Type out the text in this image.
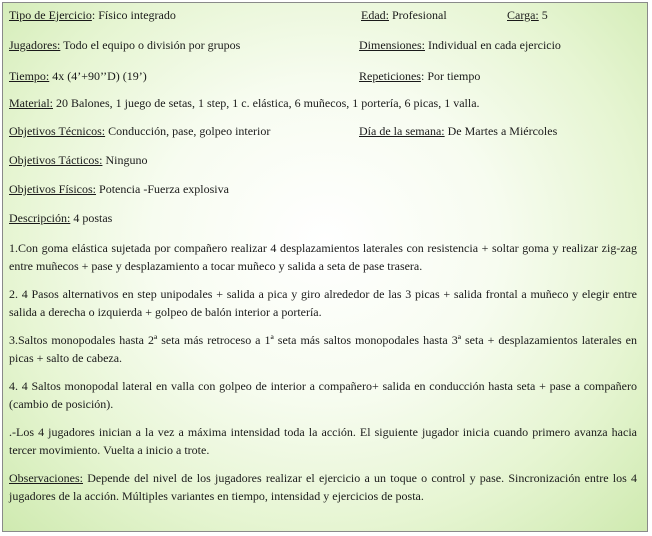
Tipo de Ejercicio: Físico integrado	Edad: Profesional	Carga: 5
Jugadores: Todo el equipo o división por grupos	Dimensiones: Individual en cada ejercicio
Tiempo: 4x (4’+90’’D) (19’)	Repeticiones: Por tiempo
Material: 20 Balones, 1 juego de setas, 1 step, 1 c. elástica, 6 muñecos, 1 portería, 6 picas, 1 valla.
Objetivos Técnicos: Conducción, pase, golpeo interior	Día de la semana: De Martes a Miércoles
Objetivos Tácticos: Ninguno
Objetivos Físicos: Potencia -Fuerza explosiva
Descripción: 4 postas
1.Con goma elástica sujetada por compañero realizar 4 desplazamientos laterales con resistencia + soltar goma y realizar zig-zag entre muñecos + pase y desplazamiento a tocar muñeco y salida a seta de pase trasera.
2. 4 Pasos alternativos en step unipodales + salida a pica y giro alrededor de las 3 picas + salida frontal a muñeco y elegir entre salida a derecha o izquierda + golpeo de balón interior a portería.
3.Saltos monopodales hasta 2ª seta más retroceso a 1ª seta más saltos monopodales hasta 3ª seta + desplazamientos laterales en picas + salto de cabeza.
4. 4 Saltos monopodal lateral en valla con golpeo de interior a compañero+ salida en conducción hasta seta + pase a compañero (cambio de posición).
.-Los 4 jugadores inician a la vez a máxima intensidad toda la acción. El siguiente jugador inicia cuando primero avanza hacia tercer movimiento. Vuelta a inicio a trote.
Observaciones: Depende del nivel de los jugadores realizar el ejercicio a un toque o control y pase. Sincronización entre los 4 jugadores de la acción. Múltiples variantes en tiempo, intensidad y ejercicios de posta.
